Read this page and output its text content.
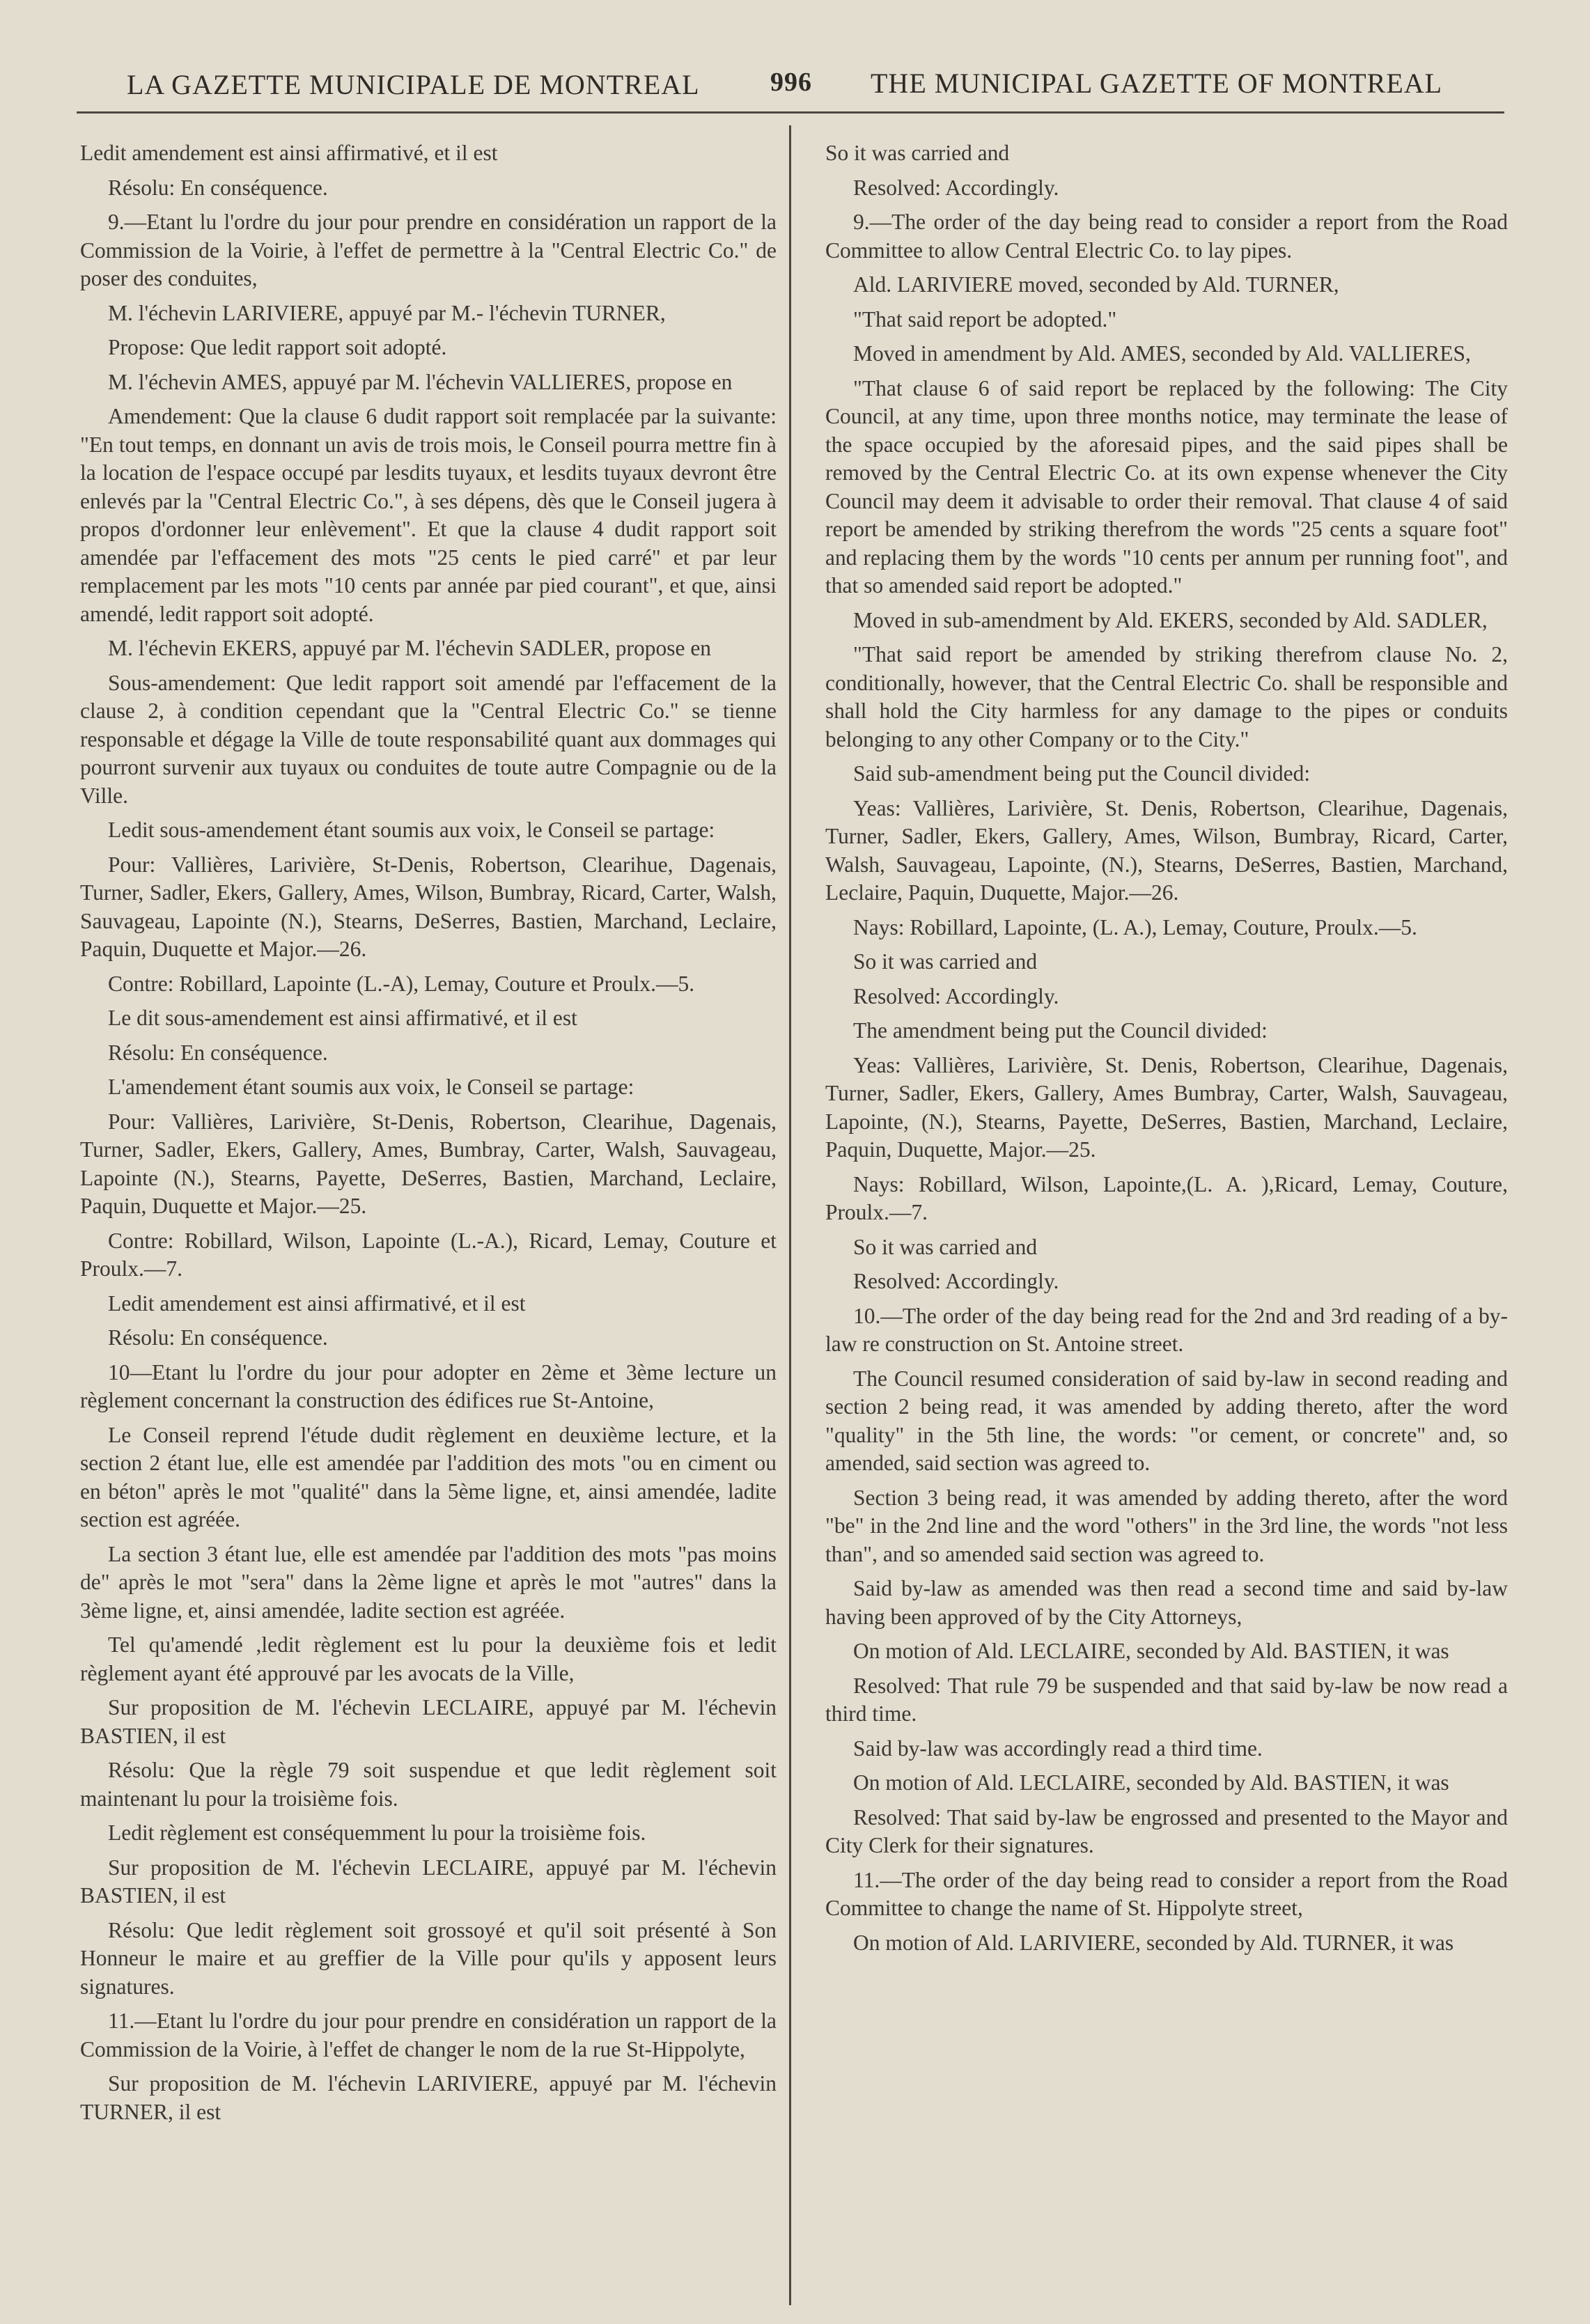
LA GAZETTE MUNICIPALE DE MONTREAL	996 THE MUNICIPAL GAZETTE OF MONTREAL

Ledit amendement est ainsi affirmativé, et il est

Résolu: En conséquence.

9.—Etant lu l'ordre du jour pour prendre en considération un rapport de la Commission de la Voirie, à l'effet de permettre à la "Central Electric Co." de poser des conduites,

M. l'échevin LARIVIERE, appuyé par M.- l'échevin TURNER,

Propose: Que ledit rapport soit adopté.

M. l'échevin AMES, appuyé par M. l'échevin VALLIERES, propose en

Amendement: Que la clause 6 dudit rapport soit remplacée par la suivante: "En tout temps, en donnant un avis de trois mois, le Conseil pourra mettre fin à la location de l'espace occupé par lesdits tuyaux, et lesdits tuyaux devront être enlevés par la "Central Electric Co.", à ses dépens, dès que le Conseil jugera à propos d'ordonner leur enlèvement". Et que la clause 4 dudit rapport soit amendée par l'effacement des mots "25 cents le pied carré" et par leur remplacement par les mots "10 cents par année par pied courant", et que, ainsi amendé, ledit rapport soit adopté.

M. l'échevin EKERS, appuyé par M. l'échevin SADLER, propose en

Sous-amendement: Que ledit rapport soit amendé par l'effacement de la clause 2, à condition cependant que la "Central Electric Co." se tienne responsable et dégage la Ville de toute responsabilité quant aux dommages qui pourront survenir aux tuyaux ou conduites de toute autre Compagnie ou de la Ville.

Ledit sous-amendement étant soumis aux voix, le Conseil se partage:

Pour: Vallières, Larivière, St-Denis, Robertson, Clearihue, Dagenais, Turner, Sadler, Ekers, Gallery, Ames, Wilson, Bumbray, Ricard, Carter, Walsh, Sauvageau, Lapointe (N.), Stearns, DeSerres, Bastien, Marchand, Leclaire, Paquin, Duquette et Major.—26.

Contre: Robillard, Lapointe (L.-A), Lemay, Couture et Proulx.—5.

Le dit sous-amendement est ainsi affirmativé, et il est

Résolu: En conséquence.

L'amendement étant soumis aux voix, le Conseil se partage:

Pour: Vallières, Larivière, St-Denis, Robertson, Clearihue, Dagenais, Turner, Sadler, Ekers, Gallery, Ames, Bumbray, Carter, Walsh, Sauvageau, Lapointe (N.), Stearns, Payette, DeSerres, Bastien, Marchand, Leclaire, Paquin, Duquette et Major.—25.

Contre: Robillard, Wilson, Lapointe (L.-A.), Ricard, Lemay, Couture et Proulx.—7.

Ledit amendement est ainsi affirmativé, et il est

Résolu: En conséquence.

10—Etant lu l'ordre du jour pour adopter en 2ème et 3ème lecture un règlement concernant la construction des édifices rue St-Antoine,

Le Conseil reprend l'étude dudit règlement en deuxième lecture, et la section 2 étant lue, elle est amendée par l'addition des mots "ou en ciment ou en béton" après le mot "qualité" dans la 5ème ligne, et, ainsi amendée, ladite section est agréée.

La section 3 étant lue, elle est amendée par l'addition des mots "pas moins de" après le mot "sera" dans la 2ème ligne et après le mot "autres" dans la 3ème ligne, et, ainsi amendée, ladite section est agréée.

Tel qu'amendé ,ledit règlement est lu pour la deuxième fois et ledit règlement ayant été approuvé par les avocats de la Ville,

Sur proposition de M. l'échevin LECLAIRE, appuyé par M. l'échevin BASTIEN, il est

Résolu: Que la règle 79 soit suspendue et que ledit règlement soit maintenant lu pour la troisième fois.

Ledit règlement est conséquemment lu pour la troisième fois.

Sur proposition de M. l'échevin LECLAIRE, appuyé par M. l'échevin BASTIEN, il est

Résolu: Que ledit règlement soit grossoyé et qu'il soit présenté à Son Honneur le maire et au greffier de la Ville pour qu'ils y apposent leurs signatures.

11.—Etant lu l'ordre du jour pour prendre en considération un rapport de la Commission de la Voirie, à l'effet de changer le nom de la rue St-Hippolyte,

Sur proposition de M. l'échevin LARIVIERE, appuyé par M. l'échevin TURNER, il est

So it was carried and

Resolved: Accordingly.

9.—The order of the day being read to consider a report from the Road Committee to allow Central Electric Co. to lay pipes.

Ald. LARIVIERE moved, seconded by Ald. TURNER,

"That said report be adopted."

Moved in amendment by Ald. AMES, seconded by Ald. VALLIERES,

"That clause 6 of said report be replaced by the following: The City Council, at any time, upon three months notice, may terminate the lease of the space occupied by the aforesaid pipes, and the said pipes shall be removed by the Central Electric Co. at its own expense whenever the City Council may deem it advisable to order their removal. That clause 4 of said report be amended by striking therefrom the words "25 cents a square foot" and replacing them by the words "10 cents per annum per running foot", and that so amended said report be adopted."

Moved in sub-amendment by Ald. EKERS, seconded by Ald. SADLER,

"That said report be amended by striking therefrom clause No. 2, conditionally, however, that the Central Electric Co. shall be responsible and shall hold the City harmless for any damage to the pipes or conduits belonging to any other Company or to the City."

Said sub-amendment being put the Council divided:

Yeas: Vallières, Larivière, St. Denis, Robertson, Clearihue, Dagenais, Turner, Sadler, Ekers, Gallery, Ames, Wilson, Bumbray, Ricard, Carter, Walsh, Sauvageau, Lapointe, (N.), Stearns, DeSerres, Bastien, Marchand, Leclaire, Paquin, Duquette, Major.—26.

Nays: Robillard, Lapointe, (L. A.), Lemay, Couture, Proulx.—5.

So it was carried and

Resolved: Accordingly.

The amendment being put the Council divided:

Yeas: Vallières, Larivière, St. Denis, Robertson, Clearihue, Dagenais, Turner, Sadler, Ekers, Gallery, Ames Bumbray, Carter, Walsh, Sauvageau, Lapointe, (N.), Stearns, Payette, DeSerres, Bastien, Marchand, Leclaire, Paquin, Duquette, Major.—25.

Nays: Robillard, Wilson, Lapointe,(L. A. ),Ricard, Lemay, Couture, Proulx.—7.

So it was carried and

Resolved: Accordingly.

10.—The order of the day being read for the 2nd and 3rd reading of a by-law re construction on St. Antoine street.

The Council resumed consideration of said by-law in second reading and section 2 being read, it was amended by adding thereto, after the word "quality" in the 5th line, the words: "or cement, or concrete" and, so amended, said section was agreed to.

Section 3 being read, it was amended by adding thereto, after the word "be" in the 2nd line and the word "others" in the 3rd line, the words "not less than", and so amended said section was agreed to.

Said by-law as amended was then read a second time and said by-law having been approved of by the City Attorneys,

On motion of Ald. LECLAIRE, seconded by Ald. BASTIEN, it was

Resolved: That rule 79 be suspended and that said by-law be now read a third time.

Said by-law was accordingly read a third time.

On motion of Ald. LECLAIRE, seconded by Ald. BASTIEN, it was

Resolved: That said by-law be engrossed and presented to the Mayor and City Clerk for their signatures.

11.—The order of the day being read to consider a report from the Road Committee to change the name of St. Hippolyte street,

On motion of Ald. LARIVIERE, seconded by Ald. TURNER, it was
